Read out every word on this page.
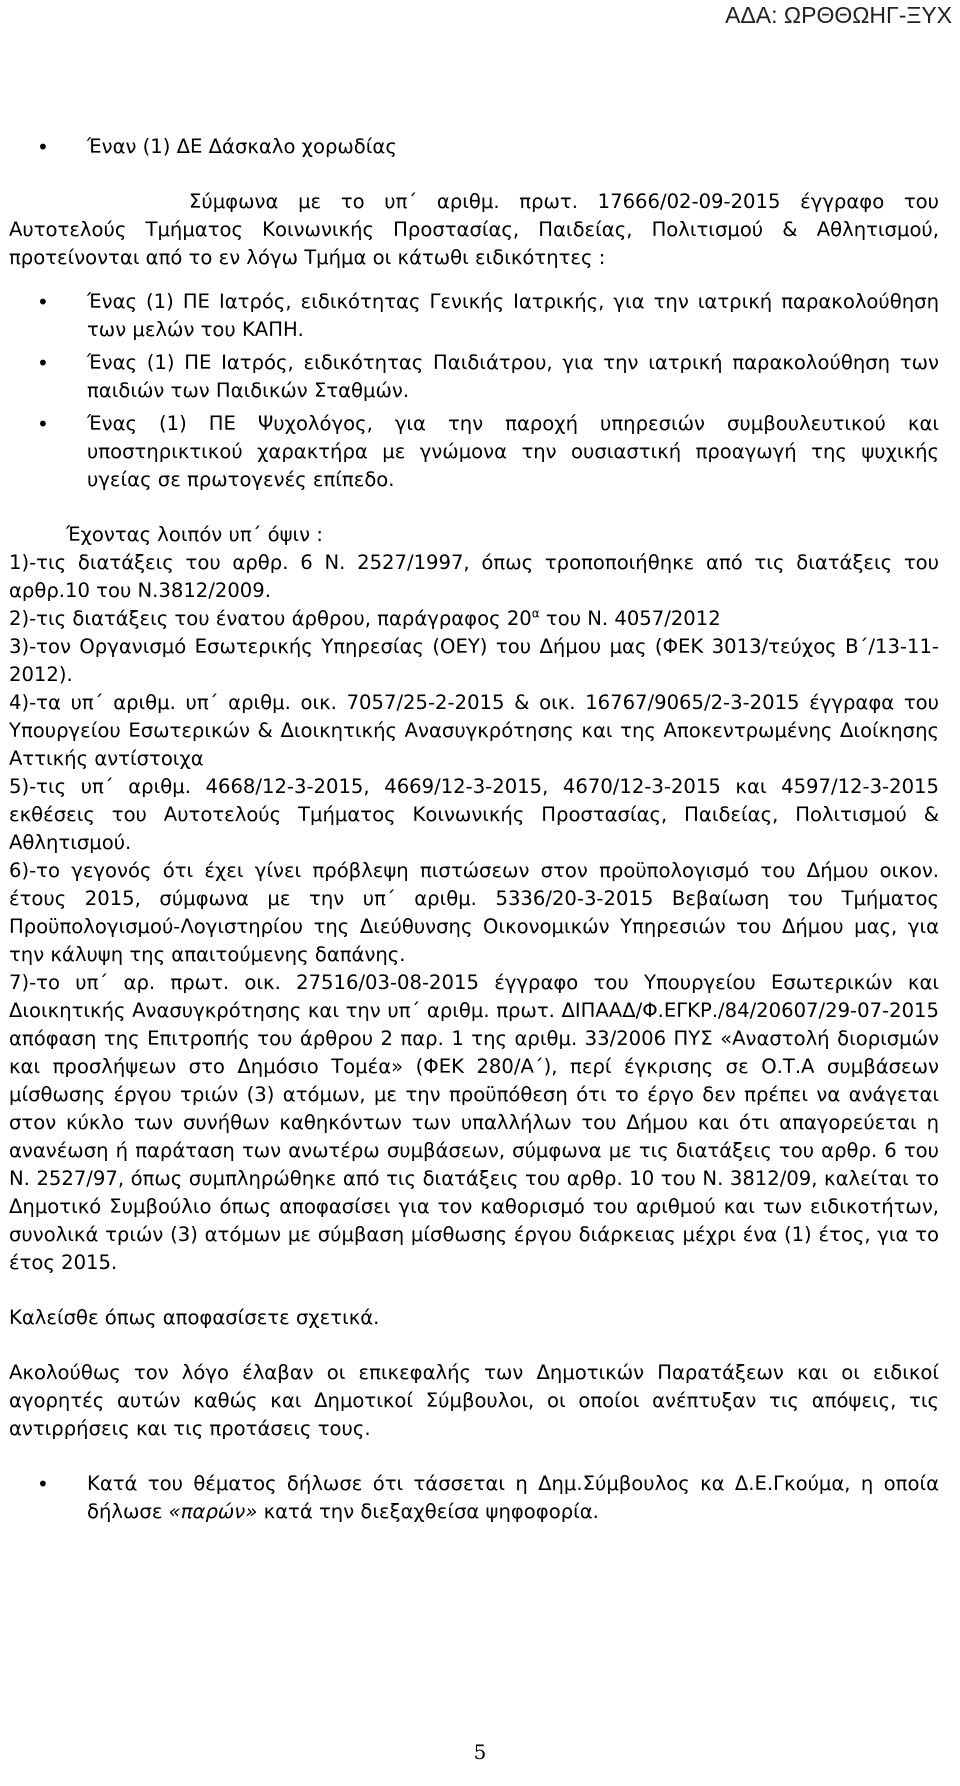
ΑΔΑ: ΩΡΘΘΩΗΓ-ΞΥΧ
• Έναν (1) ΔΕ Δάσκαλο χορωδίας

Σύμφωνα με το υπ΄ αριθμ. πρωτ. 17666/02-09-2015 έγγραφο του Αυτοτελούς Τμήματος Κοινωνικής Προστασίας, Παιδείας, Πολιτισμού & Αθλητισμού, προτείνονται από το εν λόγω Τμήμα οι κάτωθι ειδικότητες :

• Ένας (1) ΠΕ Ιατρός, ειδικότητας Γενικής Ιατρικής, για την ιατρική παρακολούθηση των μελών του ΚΑΠΗ.
• Ένας (1) ΠΕ Ιατρός, ειδικότητας Παιδιάτρου, για την ιατρική παρακολούθηση των παιδιών των Παιδικών Σταθμών.
• Ένας (1) ΠΕ Ψυχολόγος, για την παροχή υπηρεσιών συμβουλευτικού και υποστηρικτικού χαρακτήρα με γνώμονα την ουσιαστική προαγωγή της ψυχικής υγείας σε πρωτογενές επίπεδο.

Έχοντας λοιπόν υπ΄ όψιν :

1)-τις διατάξεις του αρθρ. 6 Ν. 2527/1997, όπως τροποποιήθηκε από τις διατάξεις του αρθρ.10 του Ν.3812/2009.

2)-τις διατάξεις του ένατου άρθρου, παράγραφος $20^\alpha$ του Ν. 4057/2012

3)-τον Οργανισμό Εσωτερικής Υπηρεσίας (ΟΕΥ) του Δήμου μας (ΦΕΚ 3013/τεύχος Β΄/13-11-2012).

4)-τα υπ΄ αριθμ. υπ΄ αριθμ. οικ. 7057/25-2-2015 & οικ. 16767/9065/2-3-2015 έγγραφα του Υπουργείου Εσωτερικών & Διοικητικής Ανασυγκρότησης και της Αποκεντρωμένης Διοίκησης Αττικής αντίστοιχα

5)-τις υπ΄ αριθμ. 4668/12-3-2015, 4669/12-3-2015, 4670/12-3-2015 και 4597/12-3-2015 εκθέσεις του Αυτοτελούς Τμήματος Κοινωνικής Προστασίας, Παιδείας, Πολιτισμού & Αθλητισμού.

6)-το γεγονός ότι έχει γίνει πρόβλεψη πιστώσεων στον προϋπολογισμό του Δήμου οικον. έτους 2015, σύμφωνα με την υπ΄ αριθμ. 5336/20-3-2015 Βεβαίωση του Τμήματος Προϋπολογισμού-Λογιστηρίου της Διεύθυνσης Οικονομικών Υπηρεσιών του Δήμου μας, για την κάλυψη της απαιτούμενης δαπάνης.

7)-το υπ΄ αρ. πρωτ. οικ. 27516/03-08-2015 έγγραφο του Υπουργείου Εσωτερικών και Διοικητικής Ανασυγκρότησης και την υπ΄ αριθμ. πρωτ. ΔΙΠΑΑΔ/Φ.ΕΓΚΡ./84/20607/29-07-2015 απόφαση της Επιτροπής του άρθρου 2 παρ. 1 της αριθμ. 33/2006 ΠΥΣ «Αναστολή διορισμών και προσλήψεων στο Δημόσιο Τομέα» (ΦΕΚ 280/Α΄), περί έγκρισης σε Ο.Τ.Α συμβάσεων μίσθωσης έργου τριών (3) ατόμων, με την προϋπόθεση ότι το έργο δεν πρέπει να ανάγεται στον κύκλο των συνήθων καθηκόντων των υπαλλήλων του Δήμου και ότι απαγορεύεται η ανανέωση ή παράταση των ανωτέρω συμβάσεων, σύμφωνα με τις διατάξεις του αρθρ. 6 του Ν. 2527/97, όπως συμπληρώθηκε από τις διατάξεις του αρθρ. 10 του Ν. 3812/09, καλείται το Δημοτικό Συμβούλιο όπως αποφασίσει για τον καθορισμό του αριθμού και των ειδικοτήτων, συνολικά τριών (3) ατόμων με σύμβαση μίσθωσης έργου διάρκειας μέχρι ένα (1) έτος, για το έτος 2015.

Καλείσθε όπως αποφασίσετε σχετικά.

Ακολούθως τον λόγο έλαβαν οι επικεφαλής των Δημοτικών Παρατάξεων και οι ειδικοί αγορητές αυτών καθώς και Δημοτικοί Σύμβουλοι, οι οποίοι ανέπτυξαν τις απόψεις, τις αντιρρήσεις και τις προτάσεις τους.

• Κατά του θέματος δήλωσε ότι τάσσεται η Δημ.Σύμβουλος κα Δ.Ε.Γκούμα, η οποία δήλωσε «παρών» κατά την διεξαχθείσα ψηφοφορία.
5
